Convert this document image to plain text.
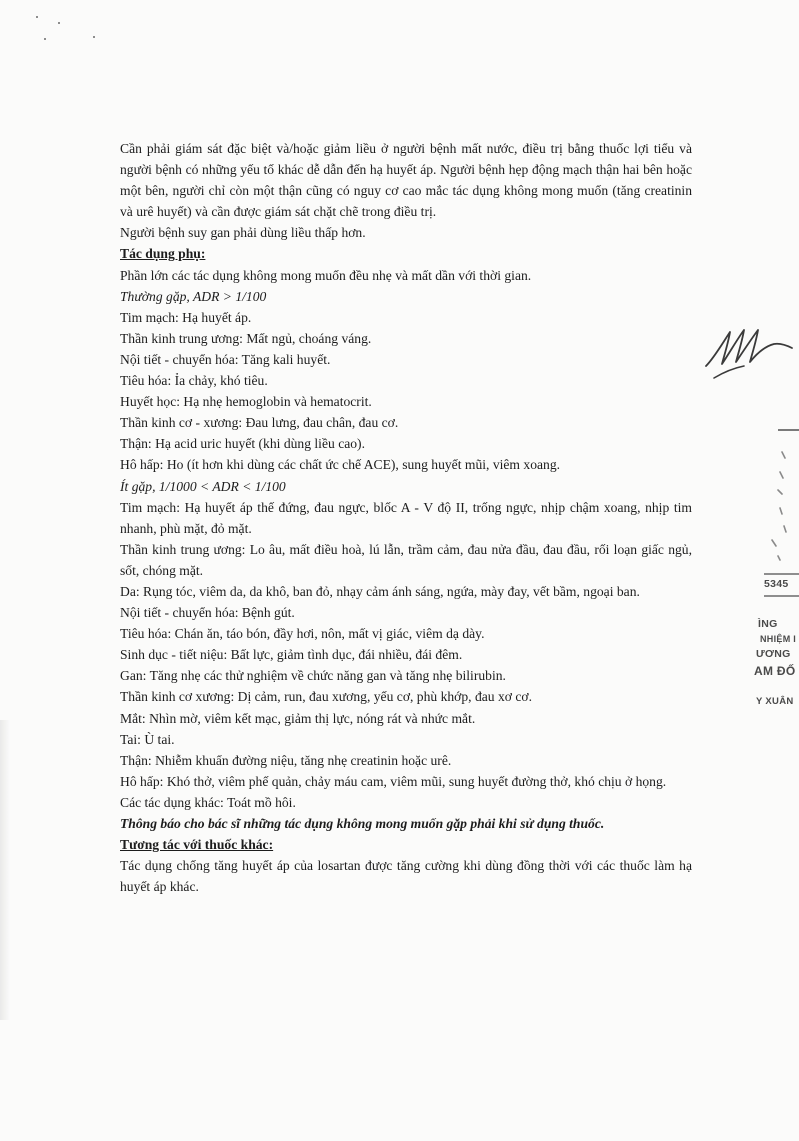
Cần phải giám sát đặc biệt và/hoặc giảm liều ở người bệnh mất nước, điều trị bằng thuốc lợi tiểu và người bệnh có những yếu tố khác dễ dẫn đến hạ huyết áp. Người bệnh hẹp động mạch thận hai bên hoặc một bên, người chỉ còn một thận cũng có nguy cơ cao mắc tác dụng không mong muốn (tăng creatinin và urê huyết) và cần được giám sát chặt chẽ trong điều trị.

Người bệnh suy gan phải dùng liều thấp hơn.

Tác dụng phụ:

Phần lớn các tác dụng không mong muốn đều nhẹ và mất dần với thời gian.

Thường gặp, ADR > 1/100

Tim mạch: Hạ huyết áp.

Thần kinh trung ương: Mất ngủ, choáng váng.

Nội tiết - chuyển hóa: Tăng kali huyết.

Tiêu hóa: Ỉa chảy, khó tiêu.

Huyết học: Hạ nhẹ hemoglobin và hematocrit.

Thần kinh cơ - xương: Đau lưng, đau chân, đau cơ.

Thận: Hạ acid uric huyết (khi dùng liều cao).

Hô hấp: Ho (ít hơn khi dùng các chất ức chế ACE), sung huyết mũi, viêm xoang.

Ít gặp, 1/1000 < ADR < 1/100

Tim mạch: Hạ huyết áp thế đứng, đau ngực, blốc A - V độ II, trống ngực, nhịp chậm xoang, nhịp tim nhanh, phù mặt, đỏ mặt.

Thần kinh trung ương: Lo âu, mất điều hoà, lú lẫn, trầm cảm, đau nửa đầu, đau đầu, rối loạn giấc ngủ, sốt, chóng mặt.

Da: Rụng tóc, viêm da, da khô, ban đỏ, nhạy cảm ánh sáng, ngứa, mày đay, vết bầm, ngoại ban.

Nội tiết - chuyển hóa: Bệnh gút.

Tiêu hóa: Chán ăn, táo bón, đầy hơi, nôn, mất vị giác, viêm dạ dày.

Sinh dục - tiết niệu: Bất lực, giảm tình dục, đái nhiều, đái đêm.

Gan: Tăng nhẹ các thử nghiệm về chức năng gan và tăng nhẹ bilirubin.

Thần kinh cơ xương: Dị cảm, run, đau xương, yếu cơ, phù khớp, đau xơ cơ.

Mắt: Nhìn mờ, viêm kết mạc, giảm thị lực, nóng rát và nhức mắt.

Tai: Ù tai.

Thận: Nhiễm khuẩn đường niệu, tăng nhẹ creatinin hoặc urê.

Hô hấp: Khó thở, viêm phế quản, chảy máu cam, viêm mũi, sung huyết đường thở, khó chịu ở họng.

Các tác dụng khác: Toát mồ hôi.

Thông báo cho bác sĩ những tác dụng không mong muốn gặp phải khi sử dụng thuốc.

Tương tác với thuốc khác:

Tác dụng chống tăng huyết áp của losartan được tăng cường khi dùng đồng thời với các thuốc làm hạ huyết áp khác.

5345
ÌNG
NHIỆM I
ƯƠNG
AM ĐỐ
Y XUÂN
